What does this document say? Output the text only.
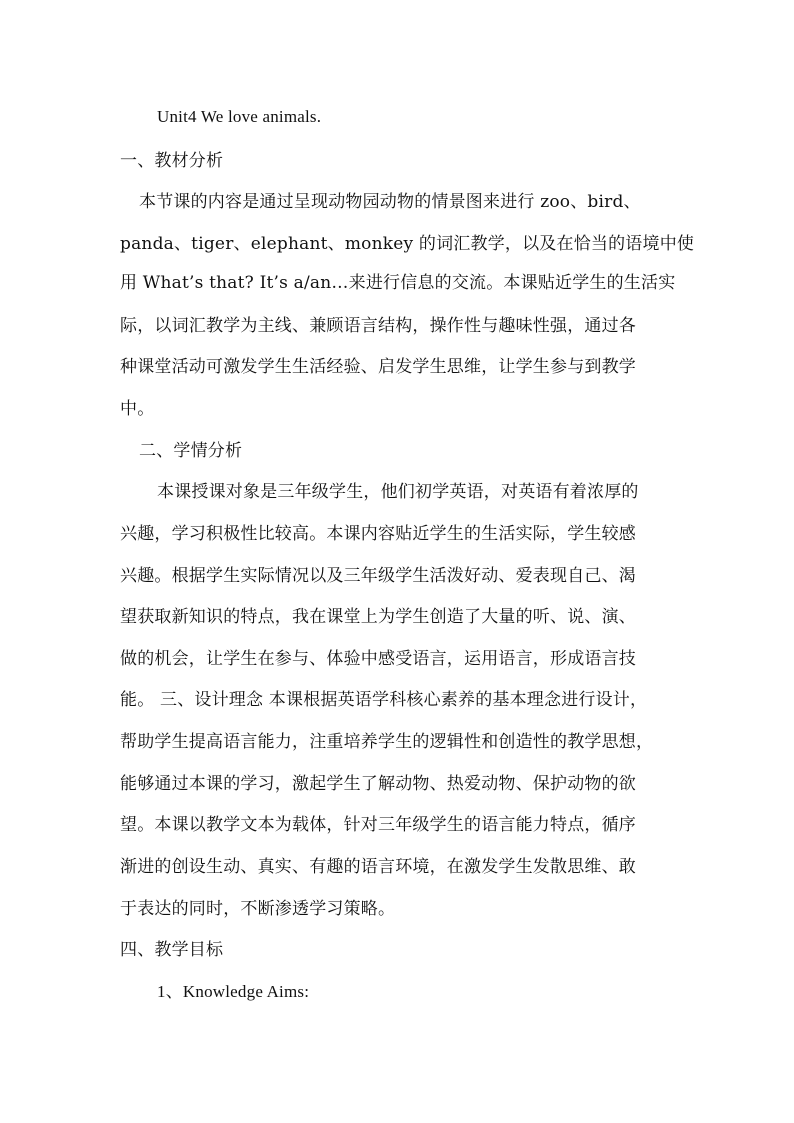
Unit4 We love animals.
一、教材分析
本节课的内容是通过呈现动物园动物的情景图来进行 zoo、bird、
panda、tiger、elephant、monkey 的词汇教学，以及在恰当的语境中使
用 What’s that? It’s a/an…来进行信息的交流。本课贴近学生的生活实
际，以词汇教学为主线、兼顾语言结构，操作性与趣味性强，通过各
种课堂活动可激发学生生活经验、启发学生思维，让学生参与到教学
中。
二、学情分析
本课授课对象是三年级学生，他们初学英语，对英语有着浓厚的
兴趣，学习积极性比较高。本课内容贴近学生的生活实际，学生较感
兴趣。根据学生实际情况以及三年级学生活泼好动、爱表现自己、渴
望获取新知识的特点，我在课堂上为学生创造了大量的听、说、演、
做的机会，让学生在参与、体验中感受语言，运用语言，形成语言技
能。 三、设计理念 本课根据英语学科核心素养的基本理念进行设计，
帮助学生提高语言能力，注重培养学生的逻辑性和创造性的教学思想，
能够通过本课的学习，激起学生了解动物、热爱动物、保护动物的欲
望。本课以教学文本为载体，针对三年级学生的语言能力特点，循序
渐进的创设生动、真实、有趣的语言环境，在激发学生发散思维、敢
于表达的同时，不断渗透学习策略。
四、教学目标
1、Knowledge Aims:
